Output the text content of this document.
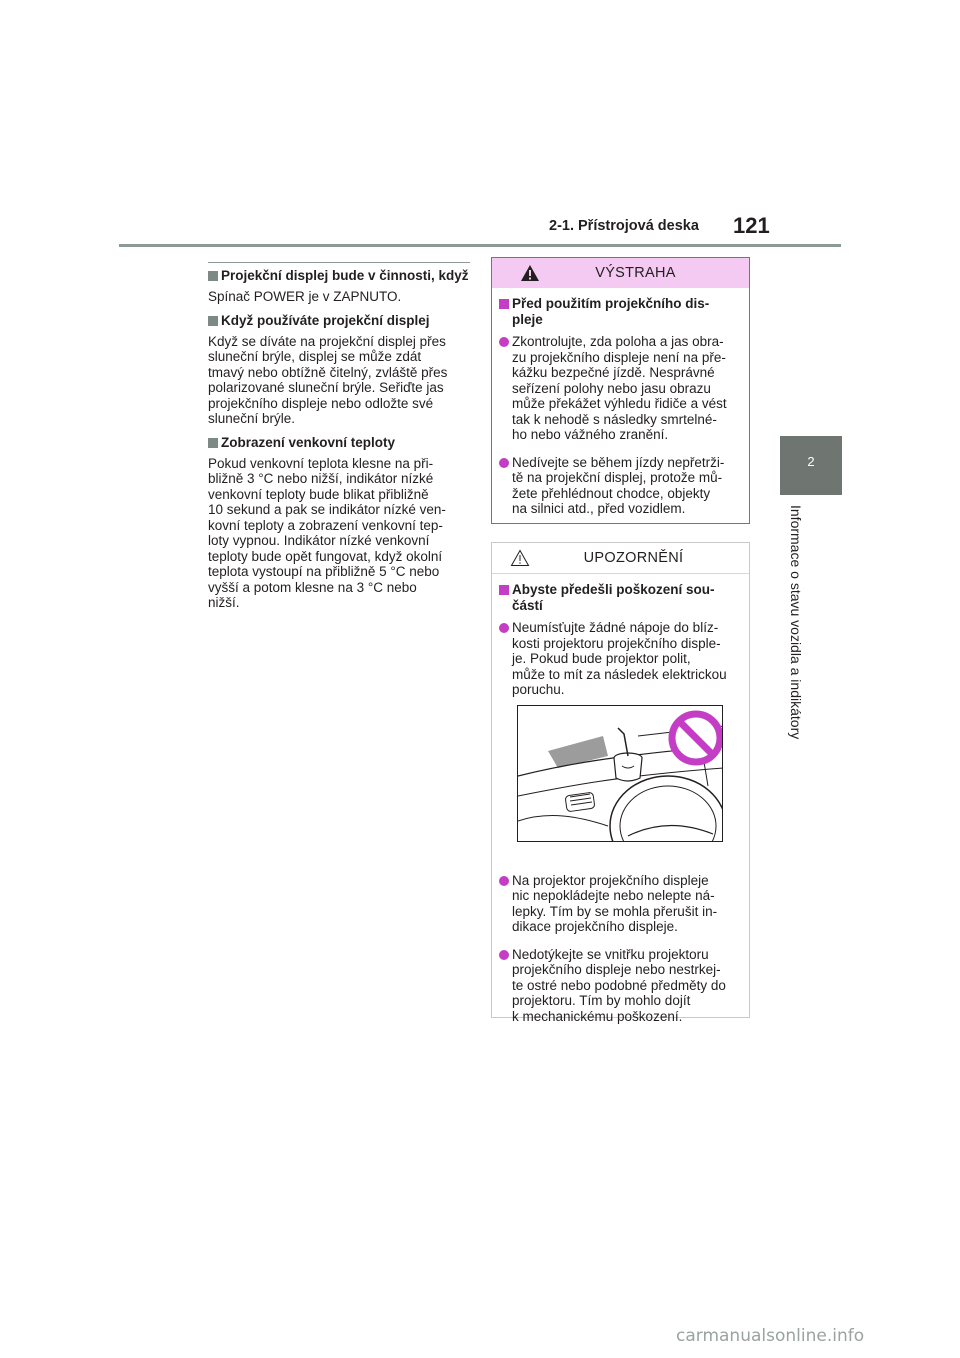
2-1. Přístrojová deska 121
2
Informace o stavu vozidla a indikátory
Projekční displej bude v činnosti, když
Spínač POWER je v ZAPNUTO.
Když používáte projekční displej
Když se díváte na projekční displej přes
sluneční brýle, displej se může zdát
tmavý nebo obtížně čitelný, zvláště přes
polarizované sluneční brýle. Seřiďte jas
projekčního displeje nebo odložte své
sluneční brýle.
Zobrazení venkovní teploty
Pokud venkovní teplota klesne na při-
bližně 3 °C nebo nižší, indikátor nízké
venkovní teploty bude blikat přibližně
10 sekund a pak se indikátor nízké ven-
kovní teploty a zobrazení venkovní tep-
loty vypnou. Indikátor nízké venkovní
teploty bude opět fungovat, když okolní
teplota vystoupí na přibližně 5 °C nebo
vyšší a potom klesne na 3 °C nebo
nižší.
VÝSTRAHA
Před použitím projekčního dis-
pleje
Zkontrolujte, zda poloha a jas obra-
zu projekčního displeje není na pře-
kážku bezpečné jízdě. Nesprávné
seřízení polohy nebo jasu obrazu
může překážet výhledu řidiče a vést
tak k nehodě s následky smrtelné-
ho nebo vážného zranění.
Nedívejte se během jízdy nepřetrži-
tě na projekční displej, protože mů-
žete přehlédnout chodce, objekty
na silnici atd., před vozidlem.
UPOZORNĚNÍ
Abyste předešli poškození sou-
částí
Neumísťujte žádné nápoje do blíz-
kosti projektoru projekčního disple-
je. Pokud bude projektor polit,
může to mít za následek elektrickou
poruchu.
Na projektor projekčního displeje
nic nepokládejte nebo nelepte ná-
lepky. Tím by se mohla přerušit in-
dikace projekčního displeje.
Nedotýkejte se vnitřku projektoru
projekčního displeje nebo nestrkej-
te ostré nebo podobné předměty do
projektoru. Tím by mohlo dojít
k mechanickému poškození.
carmanualsonline.info
